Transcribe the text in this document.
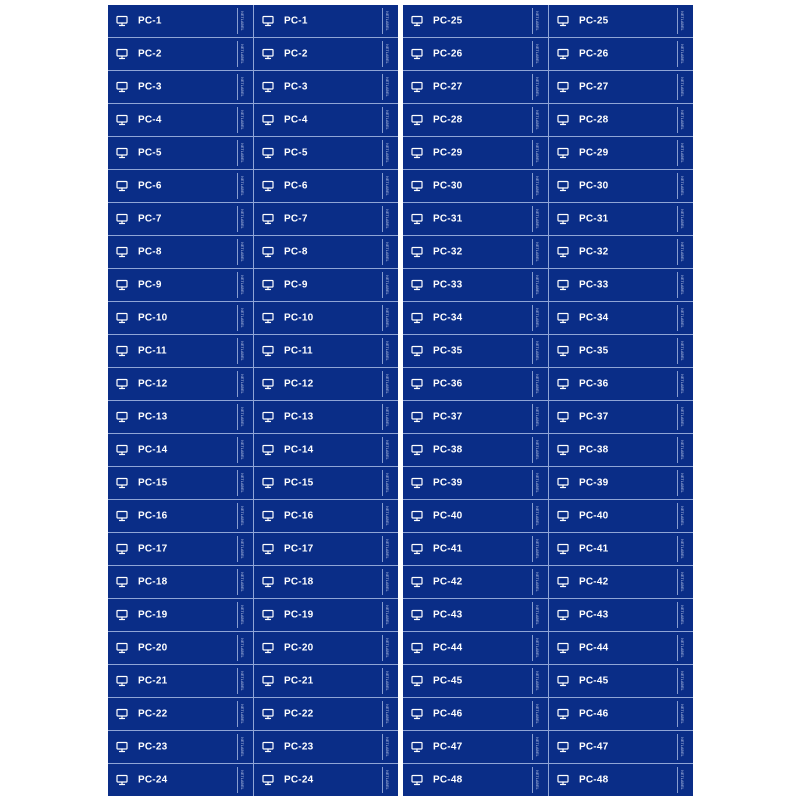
PC-1	NETLABEL	PC-1	NETLABEL
PC-2	NETLABEL	PC-2	NETLABEL
PC-3	NETLABEL	PC-3	NETLABEL
PC-4	NETLABEL	PC-4	NETLABEL
PC-5	NETLABEL	PC-5	NETLABEL
PC-6	NETLABEL	PC-6	NETLABEL
PC-7	NETLABEL	PC-7	NETLABEL
PC-8	NETLABEL	PC-8	NETLABEL
PC-9	NETLABEL	PC-9	NETLABEL
PC-10	NETLABEL	PC-10	NETLABEL
PC-11	NETLABEL	PC-11	NETLABEL
PC-12	NETLABEL	PC-12	NETLABEL
PC-13	NETLABEL	PC-13	NETLABEL
PC-14	NETLABEL	PC-14	NETLABEL
PC-15	NETLABEL	PC-15	NETLABEL
PC-16	NETLABEL	PC-16	NETLABEL
PC-17	NETLABEL	PC-17	NETLABEL
PC-18	NETLABEL	PC-18	NETLABEL
PC-19	NETLABEL	PC-19	NETLABEL
PC-20	NETLABEL	PC-20	NETLABEL
PC-21	NETLABEL	PC-21	NETLABEL
PC-22	NETLABEL	PC-22	NETLABEL
PC-23	NETLABEL	PC-23	NETLABEL
PC-24	NETLABEL	PC-24	NETLABEL
PC-25	NETLABEL	PC-25	NETLABEL
PC-26	NETLABEL	PC-26	NETLABEL
PC-27	NETLABEL	PC-27	NETLABEL
PC-28	NETLABEL	PC-28	NETLABEL
PC-29	NETLABEL	PC-29	NETLABEL
PC-30	NETLABEL	PC-30	NETLABEL
PC-31	NETLABEL	PC-31	NETLABEL
PC-32	NETLABEL	PC-32	NETLABEL
PC-33	NETLABEL	PC-33	NETLABEL
PC-34	NETLABEL	PC-34	NETLABEL
PC-35	NETLABEL	PC-35	NETLABEL
PC-36	NETLABEL	PC-36	NETLABEL
PC-37	NETLABEL	PC-37	NETLABEL
PC-38	NETLABEL	PC-38	NETLABEL
PC-39	NETLABEL	PC-39	NETLABEL
PC-40	NETLABEL	PC-40	NETLABEL
PC-41	NETLABEL	PC-41	NETLABEL
PC-42	NETLABEL	PC-42	NETLABEL
PC-43	NETLABEL	PC-43	NETLABEL
PC-44	NETLABEL	PC-44	NETLABEL
PC-45	NETLABEL	PC-45	NETLABEL
PC-46	NETLABEL	PC-46	NETLABEL
PC-47	NETLABEL	PC-47	NETLABEL
PC-48	NETLABEL	PC-48	NETLABEL
